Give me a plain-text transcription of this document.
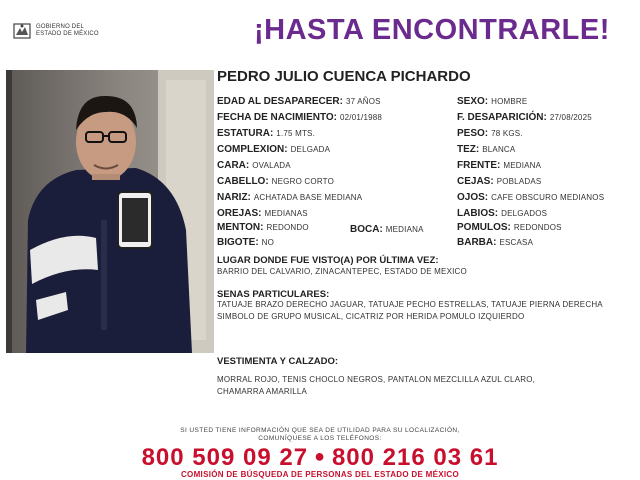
GOBIERNO DEL
ESTADO DE MÉXICO	¡HASTA ENCONTRARLE!
PEDRO JULIO CUENCA PICHARDO
EDAD AL DESAPARECER: 37 AÑOS
FECHA DE NACIMIENTO: 02/01/1988
ESTATURA: 1.75 MTS.
COMPLEXION: DELGADA
CARA: OVALADA
CABELLO: NEGRO CORTO
NARIZ: ACHATADA BASE MEDIANA
OREJAS: MEDIANAS
MENTON: REDONDO	BOCA: MEDIANA
BIGOTE: NO
SEXO: HOMBRE
F. DESAPARICIÓN: 27/08/2025
PESO: 78 KGS.
TEZ: BLANCA
FRENTE: MEDIANA
CEJAS: POBLADAS
OJOS: CAFE OBSCURO MEDIANOS
LABIOS: DELGADOS
POMULOS: REDONDOS
BARBA: ESCASA
LUGAR DONDE FUE VISTO(A) POR ÚLTIMA VEZ:
BARRIO DEL CALVARIO, ZINACANTEPEC, ESTADO DE MEXICO
SENAS PARTICULARES:
TATUAJE BRAZO DERECHO JAGUAR, TATUAJE PECHO ESTRELLAS, TATUAJE PIERNA DERECHA SIMBOLO DE GRUPO MUSICAL, CICATRIZ POR HERIDA POMULO IZQUIERDO
VESTIMENTA Y CALZADO:
MORRAL ROJO, TENIS CHOCLO NEGROS, PANTALON MEZCLILLA AZUL CLARO,
CHAMARRA AMARILLA
SI USTED TIENE INFORMACIÓN QUE SEA DE UTILIDAD PARA SU LOCALIZACIÓN,
COMUNÍQUESE A LOS TELÉFONOS:
800 509 09 27 ● 800 216 03 61
COMISIÓN DE BÚSQUEDA DE PERSONAS DEL ESTADO DE MÉXICO
